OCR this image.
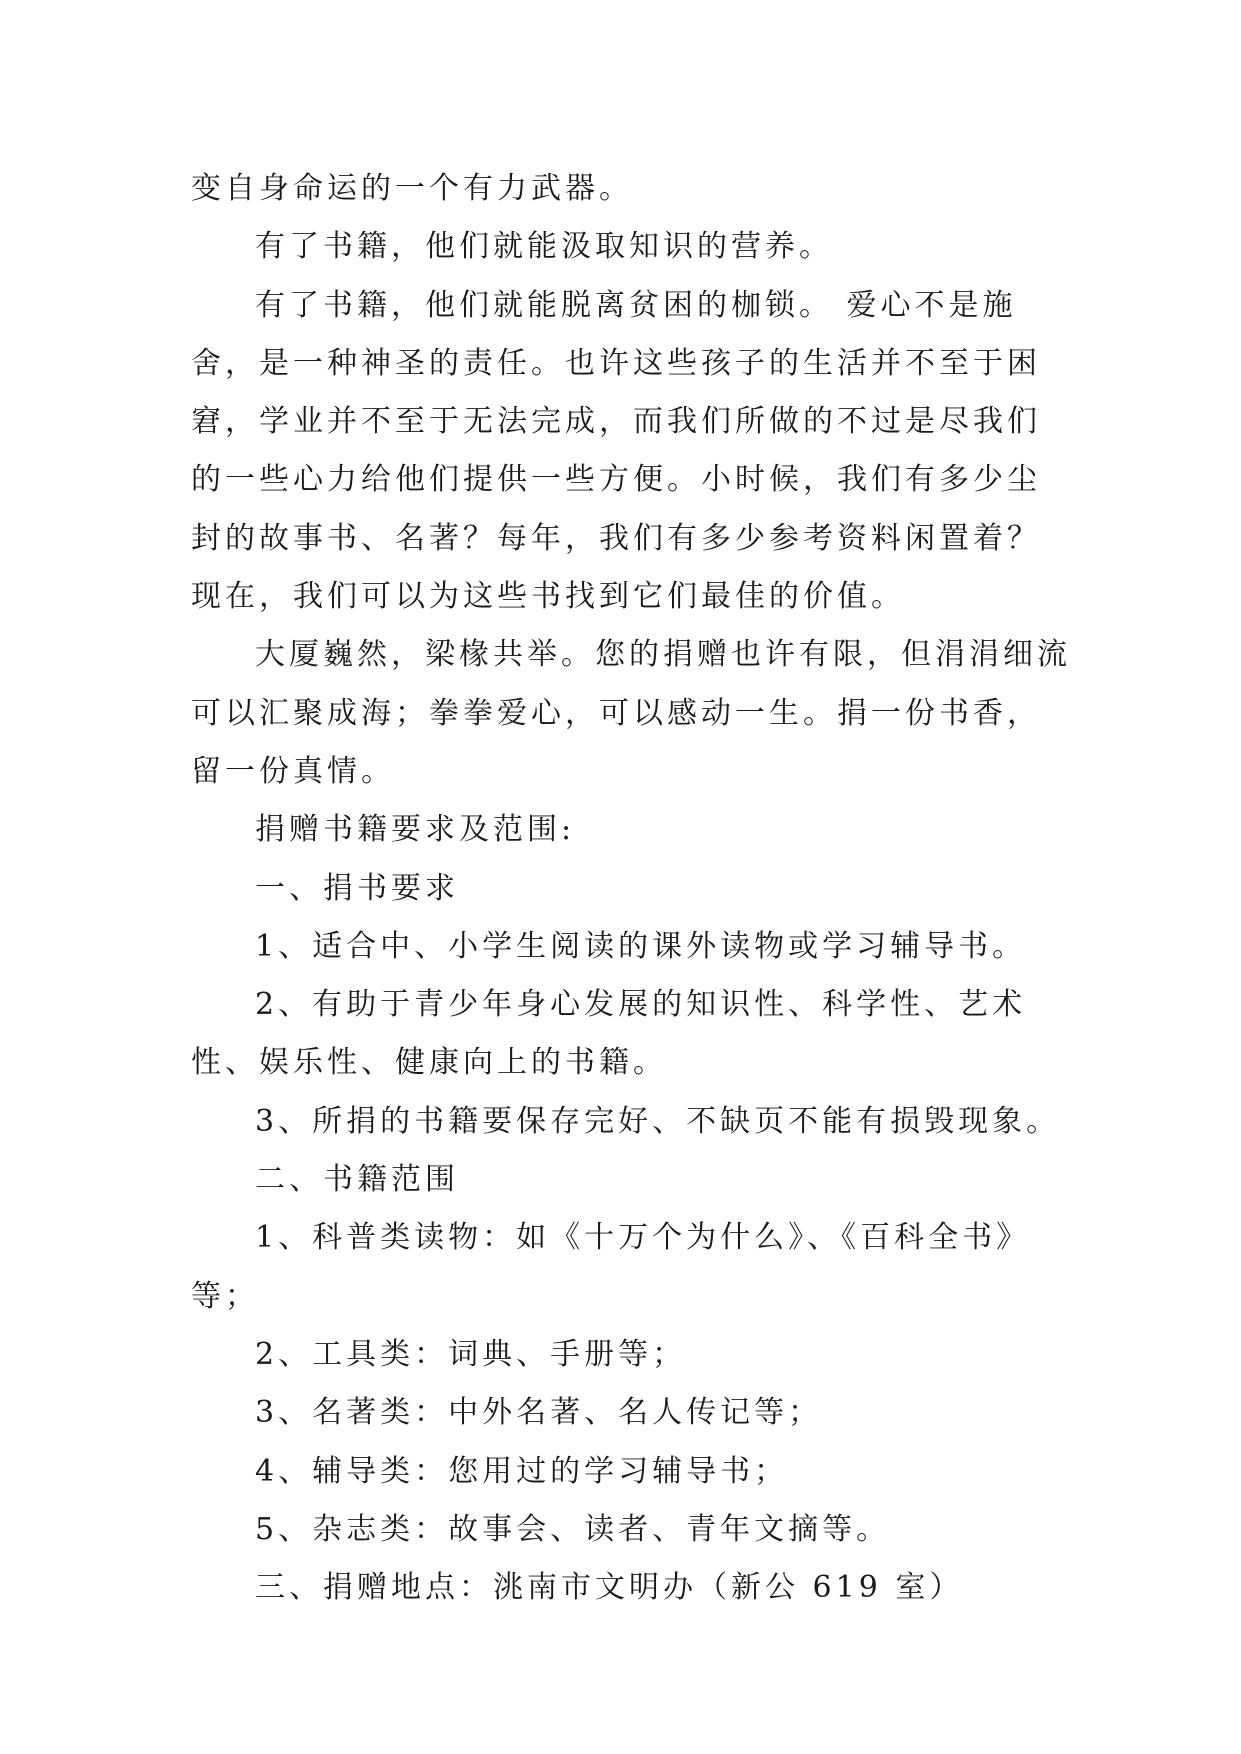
变自身命运的一个有力武器。

有了书籍，他们就能汲取知识的营养。

有了书籍，他们就能脱离贫困的枷锁。 爱心不是施舍，是一种神圣的责任。也许这些孩子的生活并不至于困窘，学业并不至于无法完成，而我们所做的不过是尽我们的一些心力给他们提供一些方便。小时候，我们有多少尘封的故事书、名著？每年，我们有多少参考资料闲置着？现在，我们可以为这些书找到它们最佳的价值。

大厦巍然，梁椽共举。您的捐赠也许有限，但涓涓细流可以汇聚成海；拳拳爱心，可以感动一生。捐一份书香，留一份真情。

捐赠书籍要求及范围:

一、捐书要求

1、适合中、小学生阅读的课外读物或学习辅导书。

2、有助于青少年身心发展的知识性、科学性、艺术性、娱乐性、健康向上的书籍。

3、所捐的书籍要保存完好、不缺页不能有损毁现象。

二、书籍范围

1、科普类读物：如《十万个为什么》、《百科全书》等；

2、工具类：词典、手册等；

3、名著类：中外名著、名人传记等；

4、辅导类：您用过的学习辅导书；

5、杂志类：故事会、读者、青年文摘等。

三、捐赠地点：洮南市文明办（新公 619 室）
